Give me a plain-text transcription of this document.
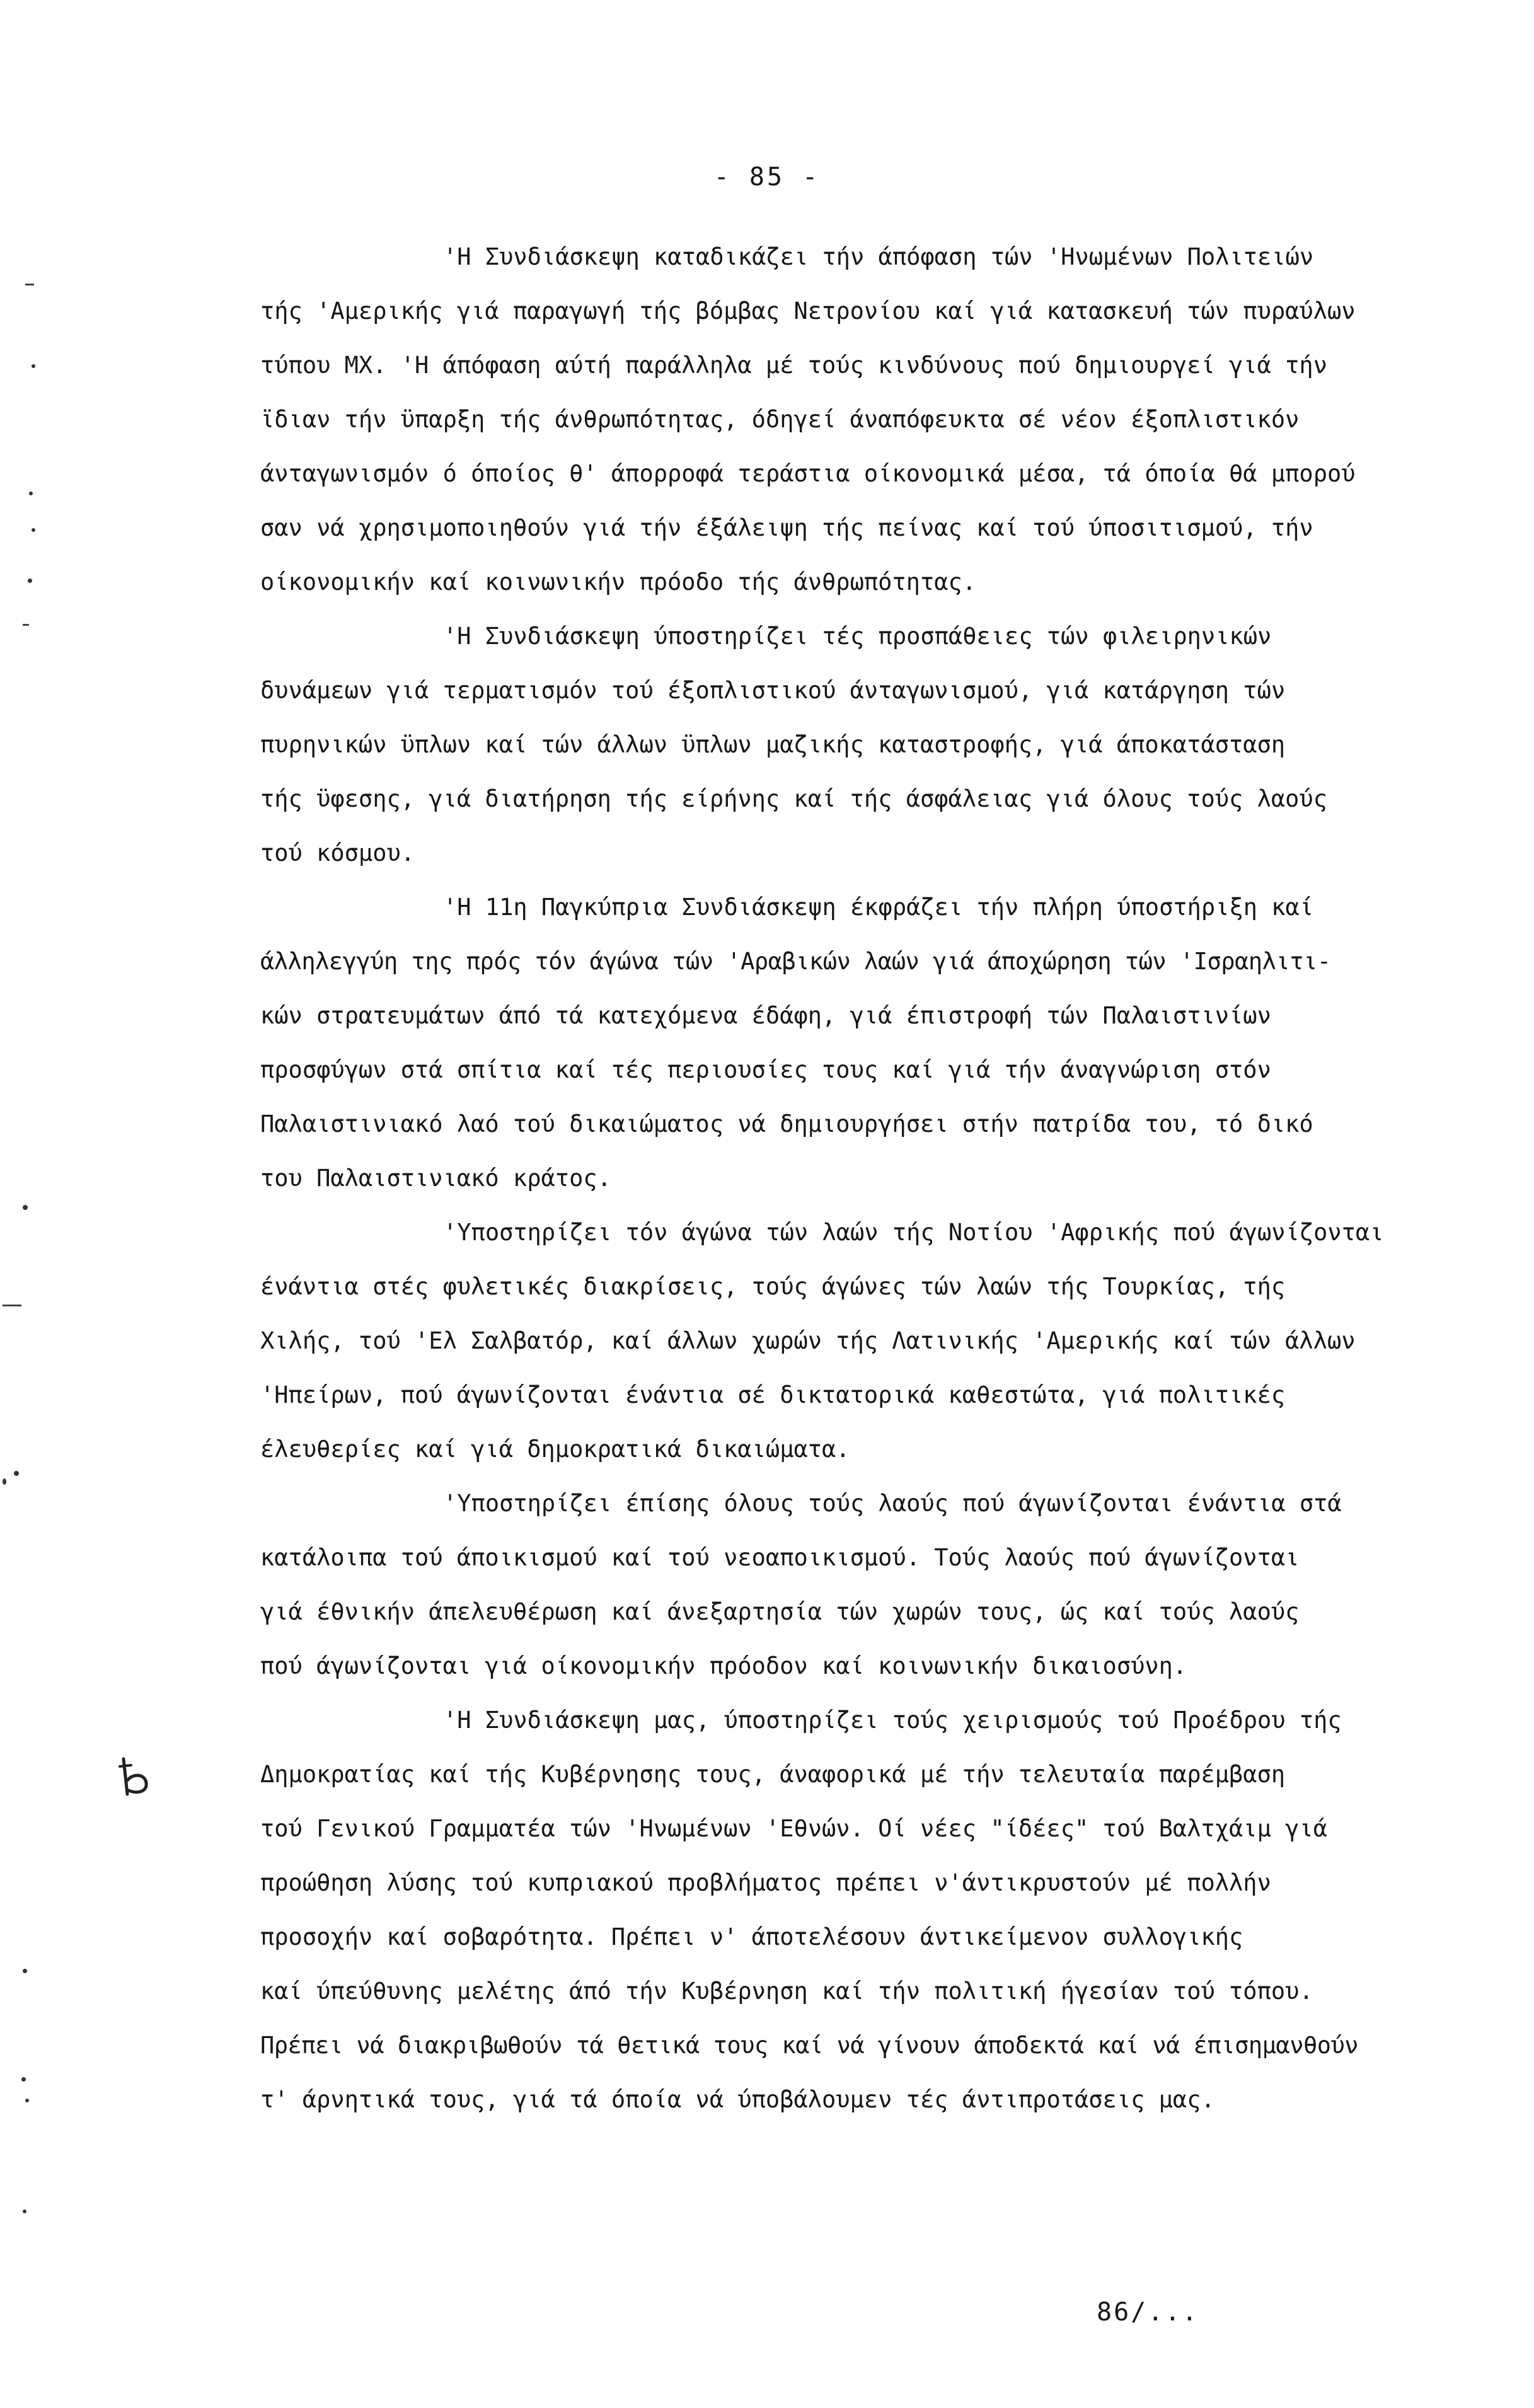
- 85 -
'Η Συνδιάσκεψη καταδικάζει τήν άπόφαση τών 'Ηνωμένων Πολιτειών
τής 'Αμερικής γιά παραγωγή τής βόμβας Νετρονίου καί γιά κατασκευή τών πυραύλων
τύπου ΜΧ. 'Η άπόφαση αύτή παράλληλα μέ τούς κινδύνους πού δημιουργεί γιά τήν
ϊδιαν τήν ϋπαρξη τής άνθρωπότητας, όδηγεί άναπόφευκτα σέ νέον έξοπλιστικόν
άνταγωνισμόν ό όποίος θ' άπορροφά τεράστια οίκονομικά μέσα, τά όποία θά μπορού
σαν νά χρησιμοποιηθούν γιά τήν έξάλειψη τής πείνας καί τού ύποσιτισμού, τήν
οίκονομικήν καί κοινωνικήν πρόοδο τής άνθρωπότητας.
'Η Συνδιάσκεψη ύποστηρίζει τές προσπάθειες τών φιλειρηνικών
δυνάμεων γιά τερματισμόν τού έξοπλιστικού άνταγωνισμού, γιά κατάργηση τών
πυρηνικών ϋπλων καί τών άλλων ϋπλων μαζικής καταστροφής, γιά άποκατάσταση
τής ϋφεσης, γιά διατήρηση τής είρήνης καί τής άσφάλειας γιά όλους τούς λαούς
τού κόσμου.
'Η 11η Παγκύπρια Συνδιάσκεψη έκφράζει τήν πλήρη ύποστήριξη καί
άλληλεγγύη της πρός τόν άγώνα τών 'Αραβικών λαών γιά άποχώρηση τών 'Ισραηλιτι-
κών στρατευμάτων άπό τά κατεχόμενα έδάφη, γιά έπιστροφή τών Παλαιστινίων
προσφύγων στά σπίτια καί τές περιουσίες τους καί γιά τήν άναγνώριση στόν
Παλαιστινιακό λαό τού δικαιώματος νά δημιουργήσει στήν πατρίδα του, τό δικό
του Παλαιστινιακό κράτος.
'Υποστηρίζει τόν άγώνα τών λαών τής Νοτίου 'Αφρικής πού άγωνίζονται
ένάντια στές φυλετικές διακρίσεις, τούς άγώνες τών λαών τής Τουρκίας, τής
Χιλής, τού 'Ελ Σαλβατόρ, καί άλλων χωρών τής Λατινικής 'Αμερικής καί τών άλλων
'Ηπείρων, πού άγωνίζονται ένάντια σέ δικτατορικά καθεστώτα, γιά πολιτικές
έλευθερίες καί γιά δημοκρατικά δικαιώματα.
'Υποστηρίζει έπίσης όλους τούς λαούς πού άγωνίζονται ένάντια στά
κατάλοιπα τού άποικισμού καί τού νεοαποικισμού. Τούς λαούς πού άγωνίζονται
γιά έθνικήν άπελευθέρωση καί άνεξαρτησία τών χωρών τους, ώς καί τούς λαούς
πού άγωνίζονται γιά οίκονομικήν πρόοδον καί κοινωνικήν δικαιοσύνη.
'Η Συνδιάσκεψη μας, ύποστηρίζει τούς χειρισμούς τού Προέδρου τής
Δημοκρατίας καί τής Κυβέρνησης τους, άναφορικά μέ τήν τελευταία παρέμβαση
τού Γενικού Γραμματέα τών 'Ηνωμένων 'Εθνών. Οί νέες "ίδέες" τού Βαλτχάιμ γιά
προώθηση λύσης τού κυπριακού προβλήματος πρέπει ν'άντικρυστούν μέ πολλήν
προσοχήν καί σοβαρότητα. Πρέπει ν' άποτελέσουν άντικείμενον συλλογικής
καί ύπεύθυνης μελέτης άπό τήν Κυβέρνηση καί τήν πολιτική ήγεσίαν τού τόπου.
Πρέπει νά διακριβωθούν τά θετικά τους καί νά γίνουν άποδεκτά καί νά έπισημανθούν
τ' άρνητικά τους, γιά τά όποία νά ύποβάλουμεν τές άντιπροτάσεις μας.
86/...
